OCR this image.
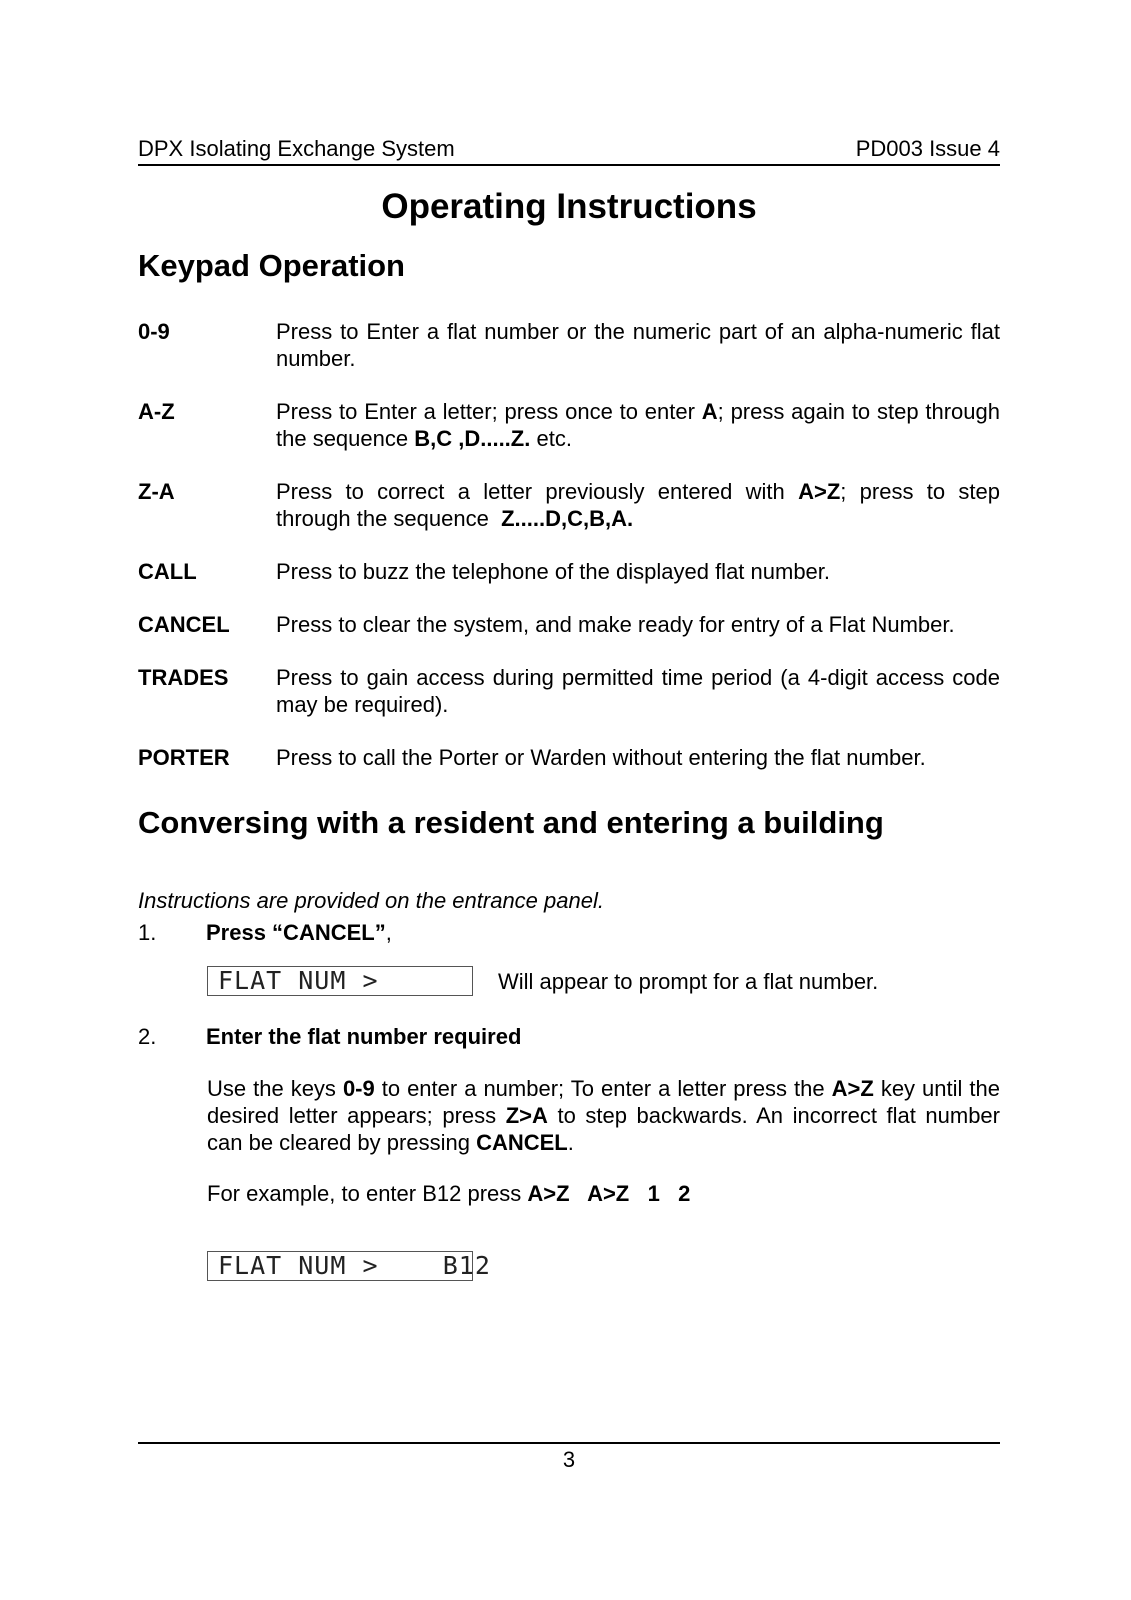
DPX Isolating Exchange System	PD003 Issue 4
Operating Instructions
Keypad Operation
0-9	Press to Enter a flat number or the numeric part of an alpha-numeric flat number.
A-Z	Press to Enter a letter; press once to enter A; press again to step through the sequence B,C ,D.....Z. etc.
Z-A	Press to correct a letter previously entered with A>Z; press to step through the sequence  Z.....D,C,B,A.
CALL	Press to buzz the telephone of the displayed flat number.
CANCEL	Press to clear the system, and make ready for entry of a Flat Number.
TRADES	Press to gain access during permitted time period (a 4-digit access code may be required).
PORTER	Press to call the Porter or Warden without entering the flat number.
Conversing with a resident and entering a building
Instructions are provided on the entrance panel.
1.	Press “CANCEL”,
FLAT NUM >	Will appear to prompt for a flat number.
2.	Enter the flat number required
Use the keys 0-9 to enter a number; To enter a letter press the A>Z key until the desired letter appears; press Z>A to step backwards. An incorrect flat number can be cleared by pressing CANCEL.
For example, to enter B12 press A>Z   A>Z   1   2
FLAT NUM >    B12
3
